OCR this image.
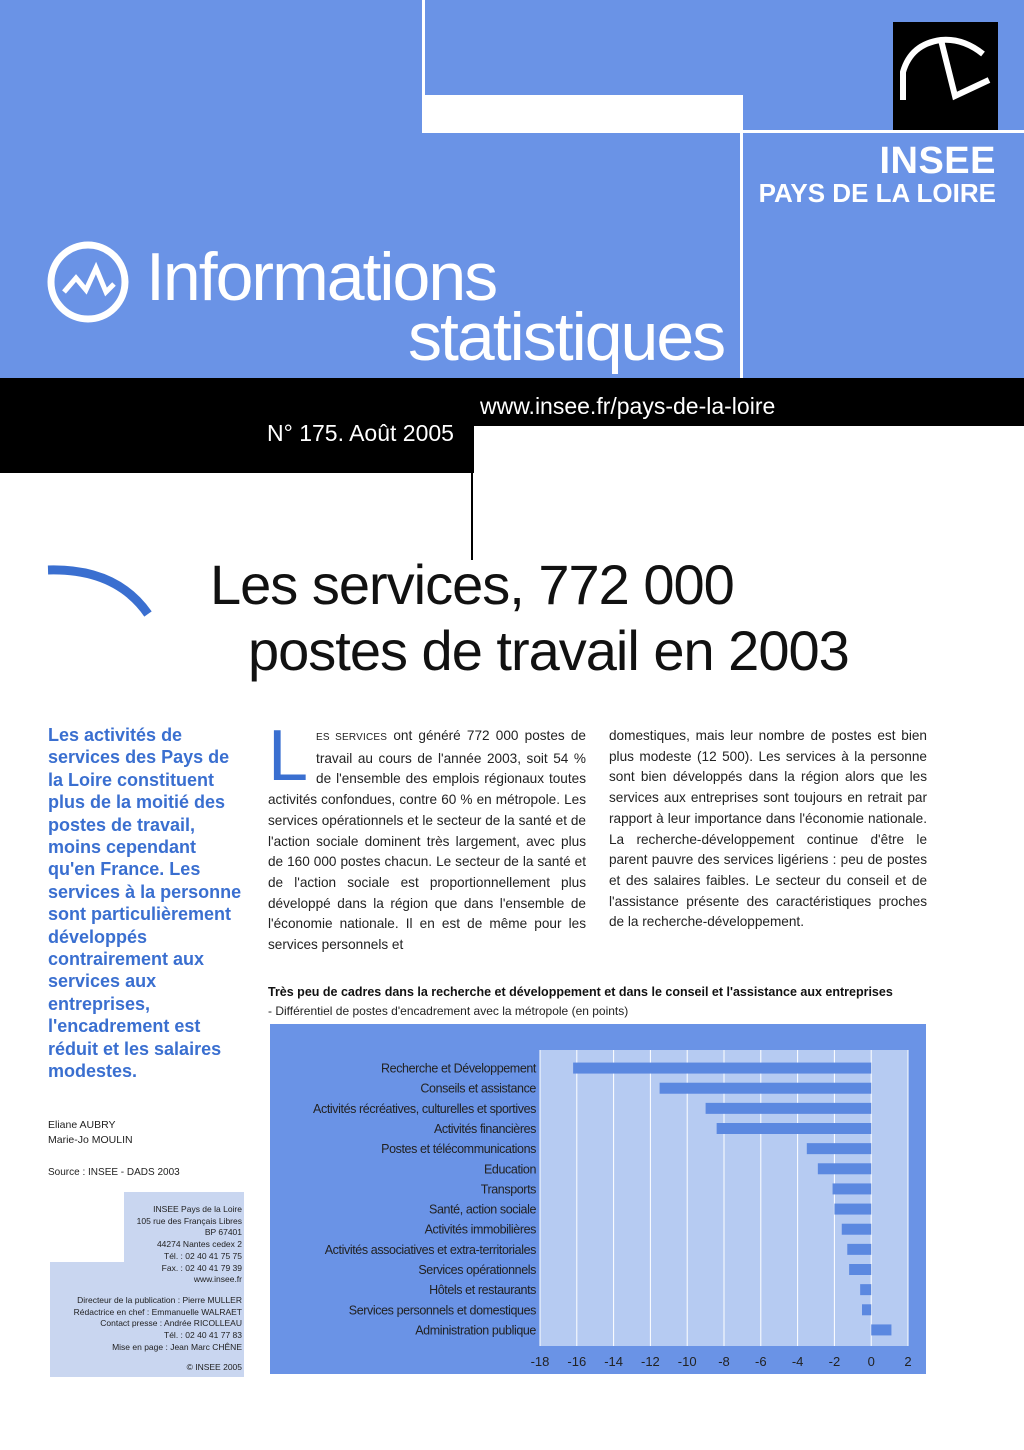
INSEE
PAYS DE LA LOIRE
Informations
statistiques
www.insee.fr/pays-de-la-loire
N° 175. Août 2005
Les services, 772 000
postes de travail en 2003
Les activités de services des Pays de la Loire constituent plus de la moitié des postes de travail, moins cependant qu'en France. Les services à la personne sont particulièrement développés contrairement aux services aux entreprises, l'encadrement est réduit et les salaires modestes.
Eliane AUBRY
Marie-Jo MOULIN
Source : INSEE - DADS 2003
INSEE Pays de la Loire
105 rue des Français Libres
BP 67401
44274 Nantes cedex 2
Tél. : 02 40 41 75 75
Fax. : 02 40 41 79 39
www.insee.fr
Directeur de la publication : Pierre MULLER
Rédactrice en chef : Emmanuelle WALRAET
Contact presse : Andrée RICOLLEAU
Tél. : 02 40 41 77 83
Mise en page : Jean Marc CHÊNE
© INSEE 2005
LES SERVICES ont généré 772 000 postes de travail au cours de l'année 2003, soit 54 % de l'ensemble des emplois régionaux toutes activités confondues, contre 60 % en métropole. Les services opérationnels et le secteur de la santé et de l'action sociale dominent très largement, avec plus de 160 000 postes chacun. Le secteur de la santé et de l'action sociale est proportionnellement plus développé dans la région que dans l'ensemble de l'économie nationale. Il en est de même pour les services personnels et
domestiques, mais leur nombre de postes est bien plus modeste (12 500). Les services à la personne sont bien développés dans la région alors que les services aux entreprises sont toujours en retrait par rapport à leur importance dans l'économie nationale. La recherche-développement continue d'être le parent pauvre des services ligériens : peu de postes et des salaires faibles. Le secteur du conseil et de l'assistance présente des caractéristiques proches de la recherche-développement.
Très peu de cadres dans la recherche et développement et dans le conseil et l'assistance aux entreprises
- Différentiel de postes d'encadrement avec la métropole (en points)
-18 -16 -14 -12 -10 -8 -6 -4 -2 0 2
Recherche et Développement
Conseils et assistance
Activités récréatives, culturelles et sportives
Activités financières
Postes et télécommunications
Education
Transports
Santé, action sociale
Activités immobilières
Activités associatives et extra-territoriales
Services opérationnels
Hôtels et restaurants
Services personnels et domestiques
Administration publique
